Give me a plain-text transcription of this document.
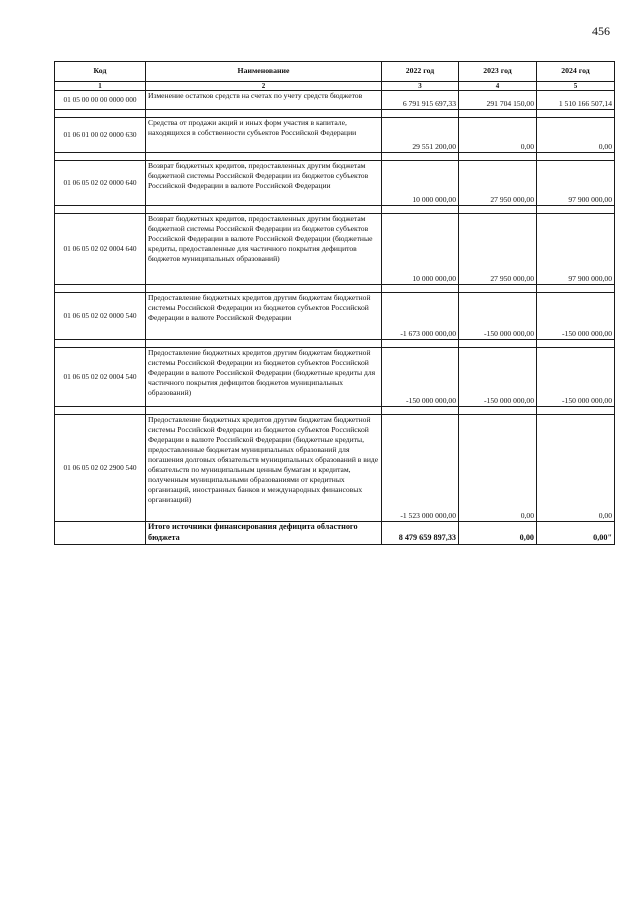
456
Код	Наименование	2022 год	2023 год	2024 год
1	2	3	4	5
01 05 00 00 00 0000 000	Изменение остатков средств на счетах по учету средств бюджетов	6 791 915 697,33	291 704 150,00	1 510 166 507,14

01 06 01 00 02 0000 630	Средства от продажи акций и иных форм участия в капитале, находящихся в собственности субъектов Российской Федерации	29 551 200,00	0,00	0,00

01 06 05 02 02 0000 640	Возврат бюджетных кредитов, предоставленных другим бюджетам бюджетной системы Российской Федерации из бюджетов субъектов Российской Федерации в валюте Российской Федерации	10 000 000,00	27 950 000,00	97 900 000,00

01 06 05 02 02 0004 640	Возврат бюджетных кредитов, предоставленных другим бюджетам бюджетной системы Российской Федерации из бюджетов субъектов Российской Федерации в валюте Российской Федерации (бюджетные кредиты, предоставленные для частичного покрытия дефицитов бюджетов муниципальных образований)	10 000 000,00	27 950 000,00	97 900 000,00

01 06 05 02 02 0000 540	Предоставление бюджетных кредитов другим бюджетам бюджетной системы Российской Федерации из бюджетов субъектов Российской Федерации в валюте Российской Федерации	-1 673 000 000,00	-150 000 000,00	-150 000 000,00

01 06 05 02 02 0004 540	Предоставление бюджетных кредитов другим бюджетам бюджетной системы Российской Федерации из бюджетов субъектов Российской Федерации в валюте Российской Федерации (бюджетные кредиты для частичного покрытия дефицитов бюджетов муниципальных образований)	-150 000 000,00	-150 000 000,00	-150 000 000,00

01 06 05 02 02 2900 540	Предоставление бюджетных кредитов другим бюджетам бюджетной системы Российской Федерации из бюджетов субъектов Российской Федерации в валюте Российской Федерации (бюджетные кредиты, предоставленные бюджетам муниципальных образований для погашения долговых обязательств муниципальных образований в виде обязательств по муниципальным ценным бумагам и кредитам, полученным муниципальными образованиями от кредитных организаций, иностранных банков и международных финансовых организаций)	-1 523 000 000,00	0,00	0,00
	Итого источники финансирования дефицита областного бюджета	8 479 659 897,33	0,00	0,00"
